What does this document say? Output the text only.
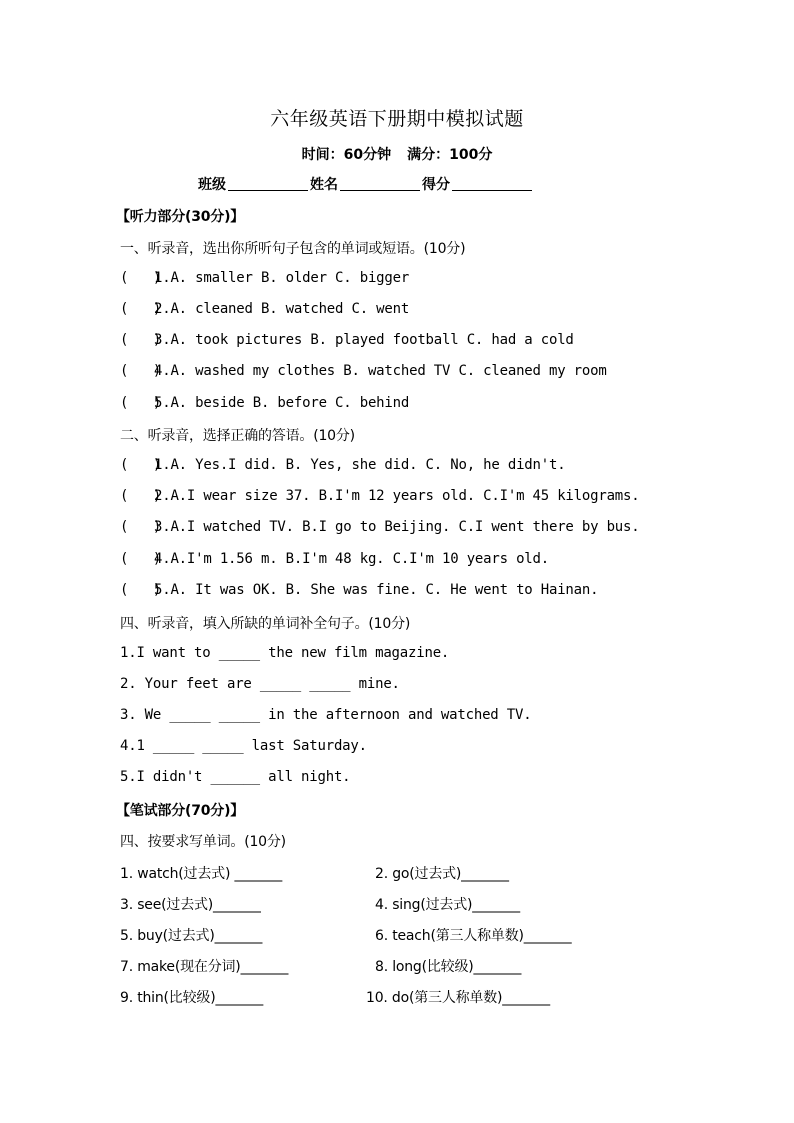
六年级英语下册期中模拟试题
时间：60分钟 满分：100分
班级	姓名	得分
【听力部分(30分)】
一、听录音，选出你所听句子包含的单词或短语。(10分)
(   )1.A. smaller B. older C. bigger
(   )2.A. cleaned B. watched C. went
(   )3.A. took pictures B. played football C. had a cold
(   )4.A. washed my clothes B. watched TV C. cleaned my room
(   )5.A. beside B. before C. behind
二、听录音，选择正确的答语。(10分)
(   )1.A. Yes.I did. B. Yes, she did. C. No, he didn't.
(   )2.A.I wear size 37. B.I'm 12 years old. C.I'm 45 kilograms.
(   )3.A.I watched TV. B.I go to Beijing. C.I went there by bus.
(   )4.A.I'm 1.56 m. B.I'm 48 kg. C.I'm 10 years old.
(   )5.A. It was OK. B. She was fine. C. He went to Hainan.
四、听录音，填入所缺的单词补全句子。(10分)
1.I want to _____ the new film magazine.
2. Your feet are _____ _____ mine.
3. We _____ _____ in the afternoon and watched TV.
4.1 _____ _____ last Saturday.
5.I didn't ______ all night.
【笔试部分(70分)】
四、按要求写单词。(10分)
1. watch(过去式) _______	2. go(过去式)_______
3. see(过去式)_______	4. sing(过去式)_______
5. buy(过去式)_______	6. teach(第三人称单数)_______
7. make(现在分词)_______	8. long(比较级)_______
9. thin(比较级)_______	10. do(第三人称单数)_______
